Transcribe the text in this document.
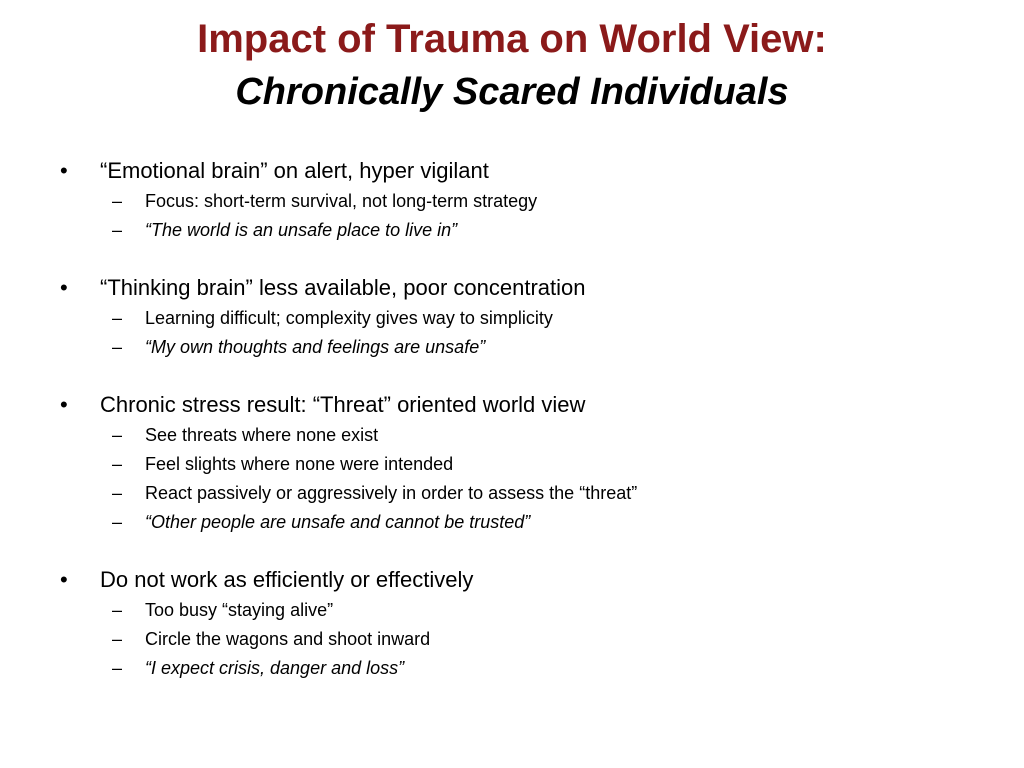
Impact of Trauma on World View:
Chronically Scared Individuals
• “Emotional brain” on alert, hyper vigilant
– Focus: short-term survival, not long-term strategy
– “The world is an unsafe place to live in”
• “Thinking brain” less available, poor concentration
– Learning difficult; complexity gives way to simplicity
– “My own thoughts and feelings are unsafe”
• Chronic stress result: “Threat” oriented world view
– See threats where none exist
– Feel slights where none were intended
– React passively or aggressively in order to assess the “threat”
– “Other people are unsafe and cannot be trusted”
• Do not work as efficiently or effectively
– Too busy “staying alive”
– Circle the wagons and shoot inward
– “I expect crisis, danger and loss”
